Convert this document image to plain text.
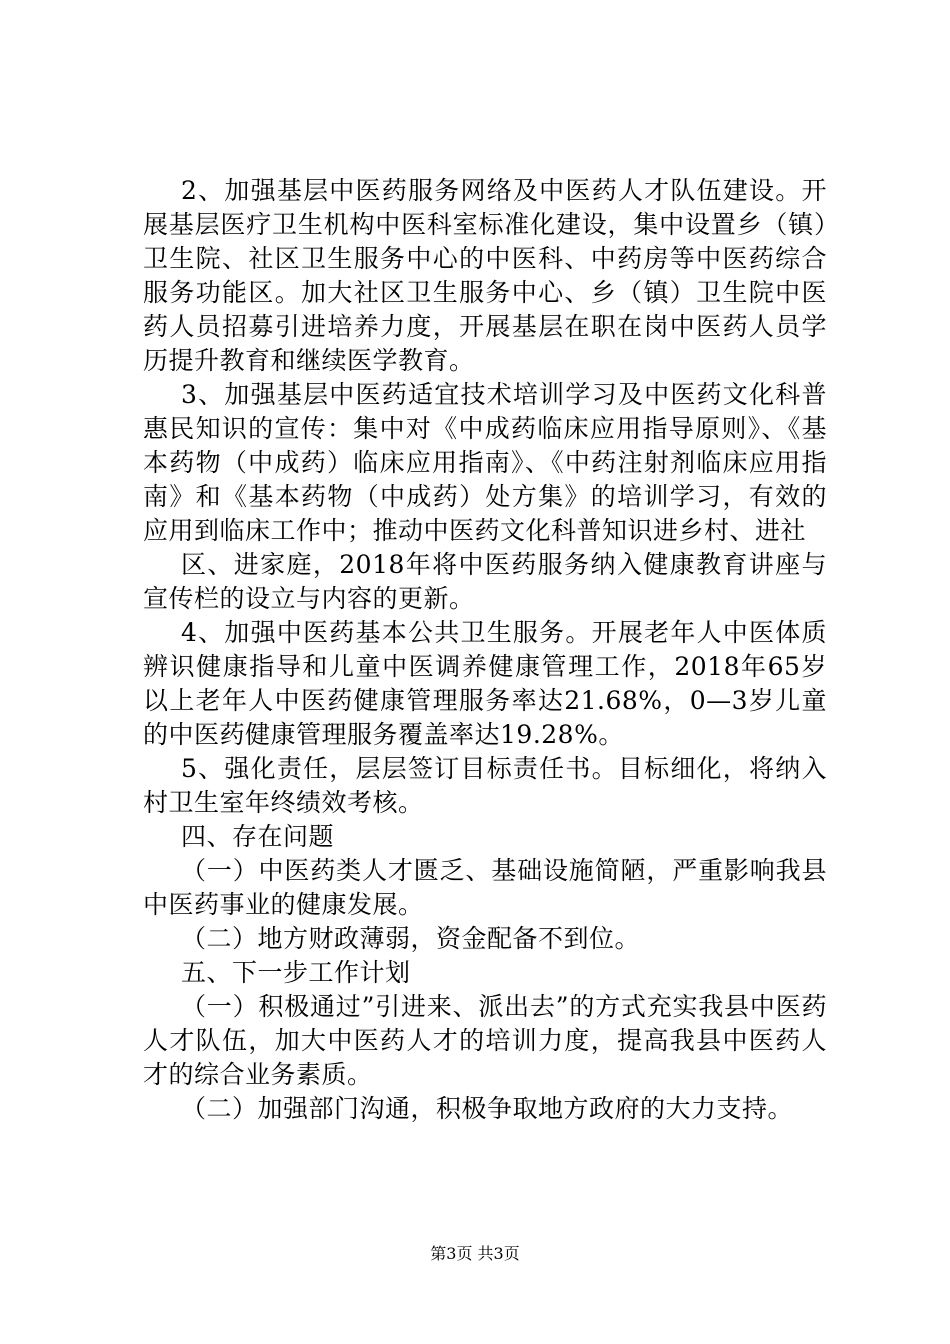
2、加强基层中医药服务网络及中医药人才队伍建设。开展基层医疗卫生机构中医科室标准化建设，集中设置乡（镇）卫生院、社区卫生服务中心的中医科、中药房等中医药综合服务功能区。加大社区卫生服务中心、乡（镇）卫生院中医药人员招募引进培养力度，开展基层在职在岗中医药人员学历提升教育和继续医学教育。

3、加强基层中医药适宜技术培训学习及中医药文化科普惠民知识的宣传：集中对《中成药临床应用指导原则》、《基本药物（中成药）临床应用指南》、《中药注射剂临床应用指南》和《基本药物（中成药）处方集》的培训学习，有效的应用到临床工作中；推动中医药文化科普知识进乡村、进社

区、进家庭，2018年将中医药服务纳入健康教育讲座与宣传栏的设立与内容的更新。

4、加强中医药基本公共卫生服务。开展老年人中医体质辨识健康指导和儿童中医调养健康管理工作，2018年65岁以上老年人中医药健康管理服务率达21.68%，0—3岁儿童的中医药健康管理服务覆盖率达19.28%。

5、强化责任，层层签订目标责任书。目标细化，将纳入村卫生室年终绩效考核。

四、存在问题

（一）中医药类人才匮乏、基础设施简陋，严重影响我县中医药事业的健康发展。

（二）地方财政薄弱，资金配备不到位。

五、下一步工作计划

（一）积极通过”引进来、派出去”的方式充实我县中医药人才队伍，加大中医药人才的培训力度，提高我县中医药人才的综合业务素质。

（二）加强部门沟通，积极争取地方政府的大力支持。

第3页 共3页
